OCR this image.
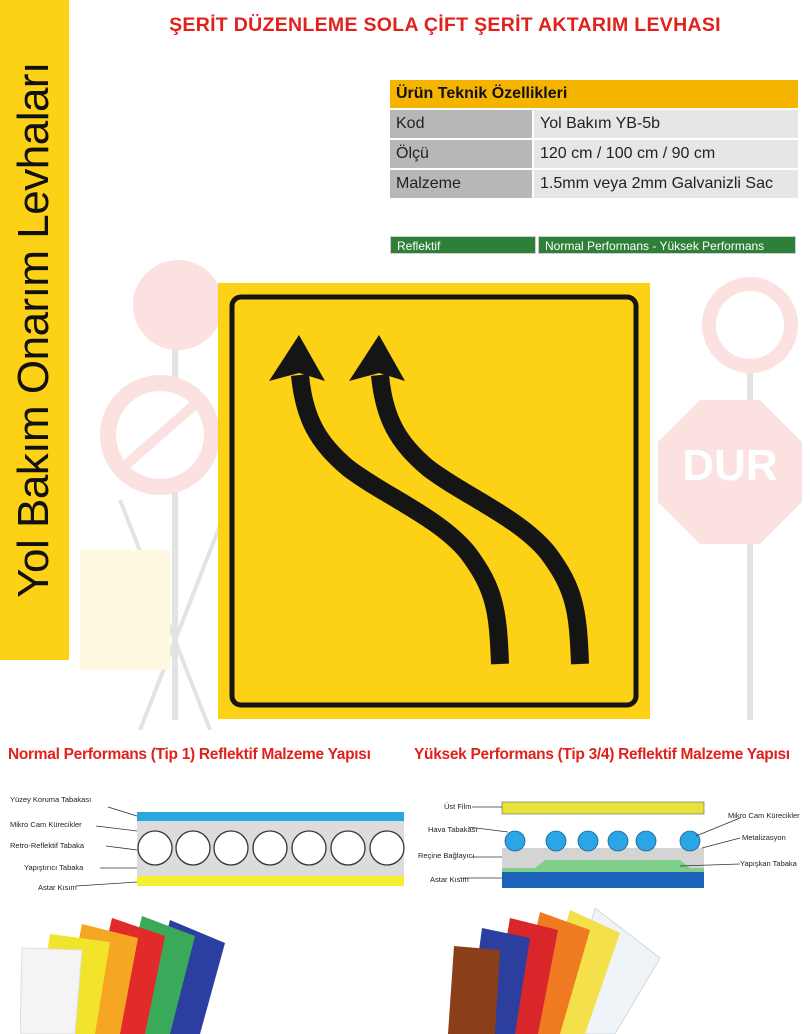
Yol Bakım Onarım Levhaları
ŞERİT DÜZENLEME SOLA ÇİFT ŞERİT AKTARIM LEVHASI
Ürün Teknik Özellikleri	
Kod	Yol Bakım YB-5b
Ölçü	120 cm / 100 cm / 90 cm
Malzeme	1.5mm veya 2mm Galvanizli Sac
Reflektif	Normal Performans - Yüksek Performans
DUR
Normal Performans (Tip 1) Reflektif Malzeme Yapısı	Yüksek Performans (Tip 3/4) Reflektif Malzeme Yapısı
Yüzey Koruma Tabakası
Mikro Cam Kürecikler
Retro-Reflektif Tabaka
Yapıştırıcı Tabaka
Astar Kısım
Üst Film
Hava Tabakası
Reçine Bağlayıcı
Astar Kısım
Mikro Cam Kürecikler
Metalizasyon
Yapışkan Tabaka
